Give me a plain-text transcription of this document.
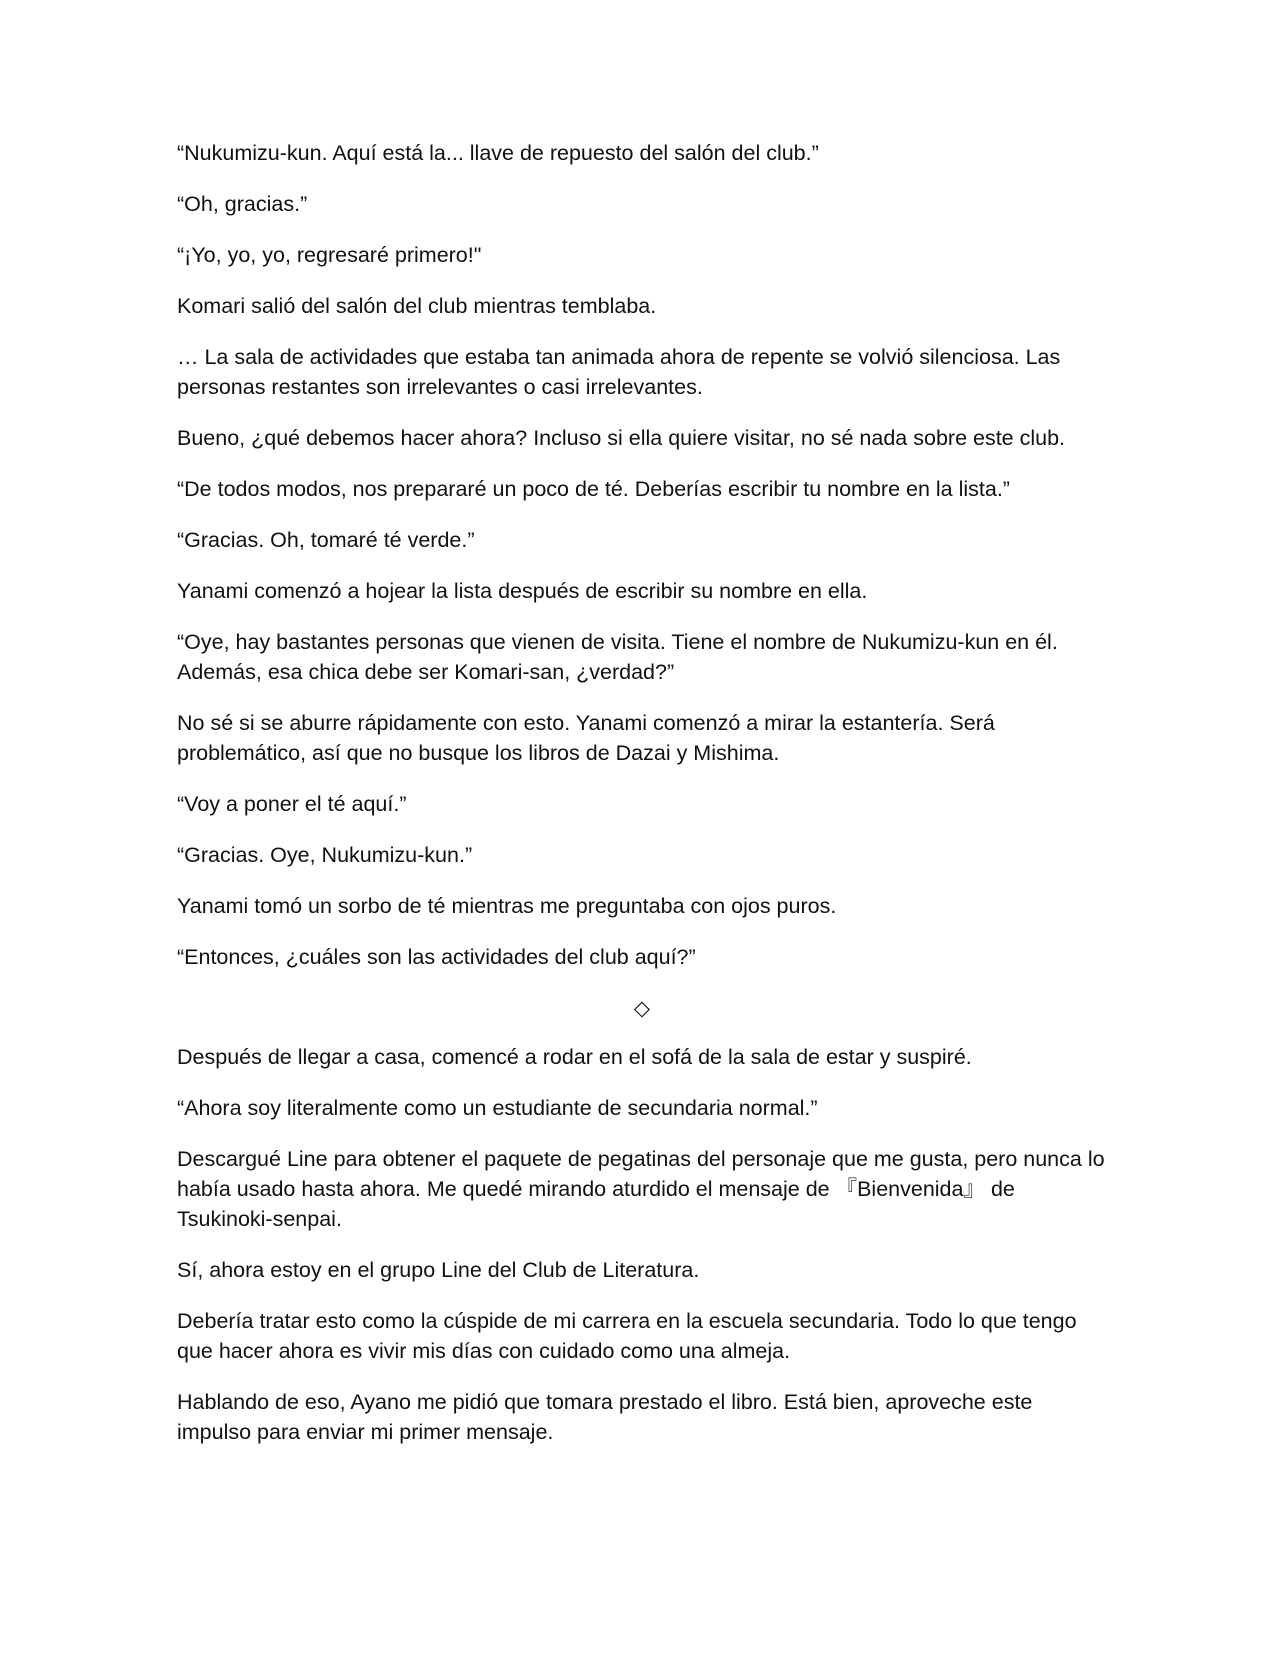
“Nukumizu-kun. Aquí está la... llave de repuesto del salón del club.”

“Oh, gracias.”

“¡Yo, yo, yo, regresaré primero!"

Komari salió del salón del club mientras temblaba.

… La sala de actividades que estaba tan animada ahora de repente se volvió silenciosa. Las personas restantes son irrelevantes o casi irrelevantes.

Bueno, ¿qué debemos hacer ahora? Incluso si ella quiere visitar, no sé nada sobre este club.

“De todos modos, nos prepararé un poco de té. Deberías escribir tu nombre en la lista.”

“Gracias. Oh, tomaré té verde.”

Yanami comenzó a hojear la lista después de escribir su nombre en ella.

“Oye, hay bastantes personas que vienen de visita. Tiene el nombre de Nukumizu-kun en él. Además, esa chica debe ser Komari-san, ¿verdad?”

No sé si se aburre rápidamente con esto. Yanami comenzó a mirar la estantería. Será problemático, así que no busque los libros de Dazai y Mishima.

“Voy a poner el té aquí.”

“Gracias. Oye, Nukumizu-kun.”

Yanami tomó un sorbo de té mientras me preguntaba con ojos puros.

“Entonces, ¿cuáles son las actividades del club aquí?”

◇

Después de llegar a casa, comencé a rodar en el sofá de la sala de estar y suspiré.

“Ahora soy literalmente como un estudiante de secundaria normal.”

Descargué Line para obtener el paquete de pegatinas del personaje que me gusta, pero nunca lo había usado hasta ahora. Me quedé mirando aturdido el mensaje de 『Bienvenida』 de Tsukinoki-senpai.

Sí, ahora estoy en el grupo Line del Club de Literatura.

Debería tratar esto como la cúspide de mi carrera en la escuela secundaria. Todo lo que tengo que hacer ahora es vivir mis días con cuidado como una almeja.

Hablando de eso, Ayano me pidió que tomara prestado el libro. Está bien, aproveche este impulso para enviar mi primer mensaje.
